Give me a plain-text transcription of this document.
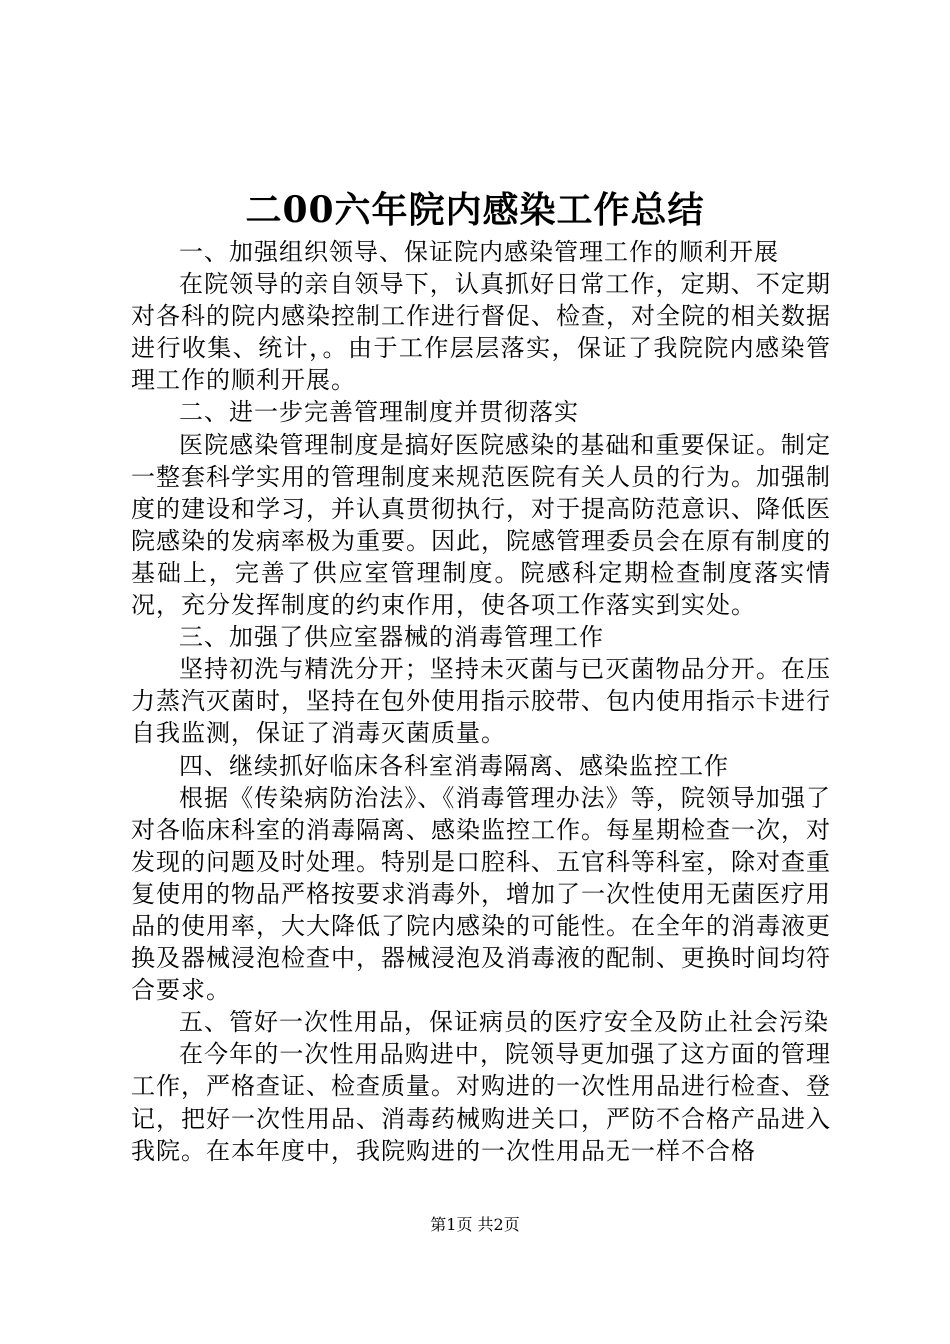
二00六年院内感染工作总结

一、加强组织领导、保证院内感染管理工作的顺利开展

在院领导的亲自领导下，认真抓好日常工作，定期、不定期对各科的院内感染控制工作进行督促、检查，对全院的相关数据进行收集、统计，。由于工作层层落实，保证了我院院内感染管理工作的顺利开展。

二、进一步完善管理制度并贯彻落实

医院感染管理制度是搞好医院感染的基础和重要保证。制定一整套科学实用的管理制度来规范医院有关人员的行为。加强制度的建设和学习，并认真贯彻执行，对于提高防范意识、降低医院感染的发病率极为重要。因此，院感管理委员会在原有制度的基础上，完善了供应室管理制度。院感科定期检查制度落实情况，充分发挥制度的约束作用，使各项工作落实到实处。

三、加强了供应室器械的消毒管理工作

坚持初洗与精洗分开；坚持未灭菌与已灭菌物品分开。在压力蒸汽灭菌时，坚持在包外使用指示胶带、包内使用指示卡进行自我监测，保证了消毒灭菌质量。

四、继续抓好临床各科室消毒隔离、感染监控工作

根据《传染病防治法》、《消毒管理办法》等，院领导加强了对各临床科室的消毒隔离、感染监控工作。每星期检查一次，对发现的问题及时处理。特别是口腔科、五官科等科室，除对查重复使用的物品严格按要求消毒外，增加了一次性使用无菌医疗用品的使用率，大大降低了院内感染的可能性。在全年的消毒液更换及器械浸泡检查中，器械浸泡及消毒液的配制、更换时间均符合要求。

五、管好一次性用品，保证病员的医疗安全及防止社会污染

在今年的一次性用品购进中，院领导更加强了这方面的管理工作，严格查证、检查质量。对购进的一次性用品进行检查、登记，把好一次性用品、消毒药械购进关口，严防不合格产品进入我院。在本年度中，我院购进的一次性用品无一样不合格

第1页 共2页
